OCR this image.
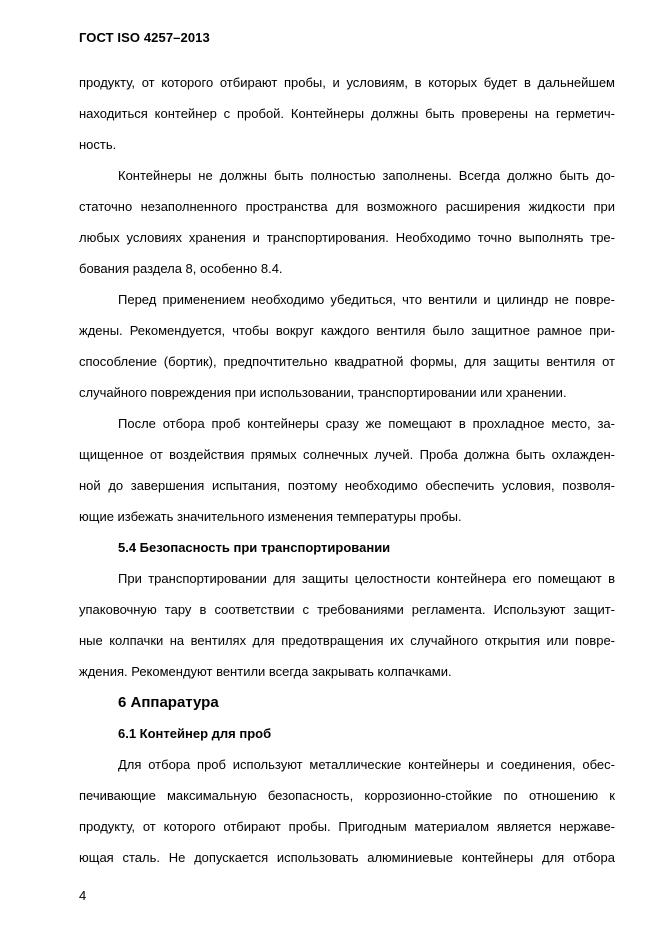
ГОСТ ISO 4257–2013
продукту, от которого отбирают пробы, и условиям, в которых будет в дальнейшем
находиться контейнер с пробой. Контейнеры должны быть проверены на герметич-
ность.
Контейнеры не должны быть полностью заполнены. Всегда должно быть до-
статочно незаполненного пространства для возможного расширения жидкости при
любых условиях хранения и транспортирования. Необходимо точно выполнять тре-
бования раздела 8, особенно 8.4.
Перед применением необходимо убедиться, что вентили и цилиндр не повре-
ждены. Рекомендуется, чтобы вокруг каждого вентиля было защитное рамное при-
способление (бортик), предпочтительно квадратной формы, для защиты вентиля от
случайного повреждения при использовании, транспортировании или хранении.
После отбора проб контейнеры сразу же помещают в прохладное место, за-
щищенное от воздействия прямых солнечных лучей. Проба должна быть охлажден-
ной до завершения испытания, поэтому необходимо обеспечить условия, позволя-
ющие избежать значительного изменения температуры пробы.
5.4 Безопасность при транспортировании
При транспортировании для защиты целостности контейнера его помещают в
упаковочную тару в соответствии с требованиями регламента. Используют защит-
ные колпачки на вентилях для предотвращения их случайного открытия или повре-
ждения. Рекомендуют вентили всегда закрывать колпачками.
6 Аппаратура
6.1 Контейнер для проб
Для отбора проб используют металлические контейнеры и соединения, обес-
печивающие максимальную безопасность, коррозионно-стойкие по отношению к
продукту, от которого отбирают пробы. Пригодным материалом является нержаве-
ющая сталь. Не допускается использовать алюминиевые контейнеры для отбора
4
